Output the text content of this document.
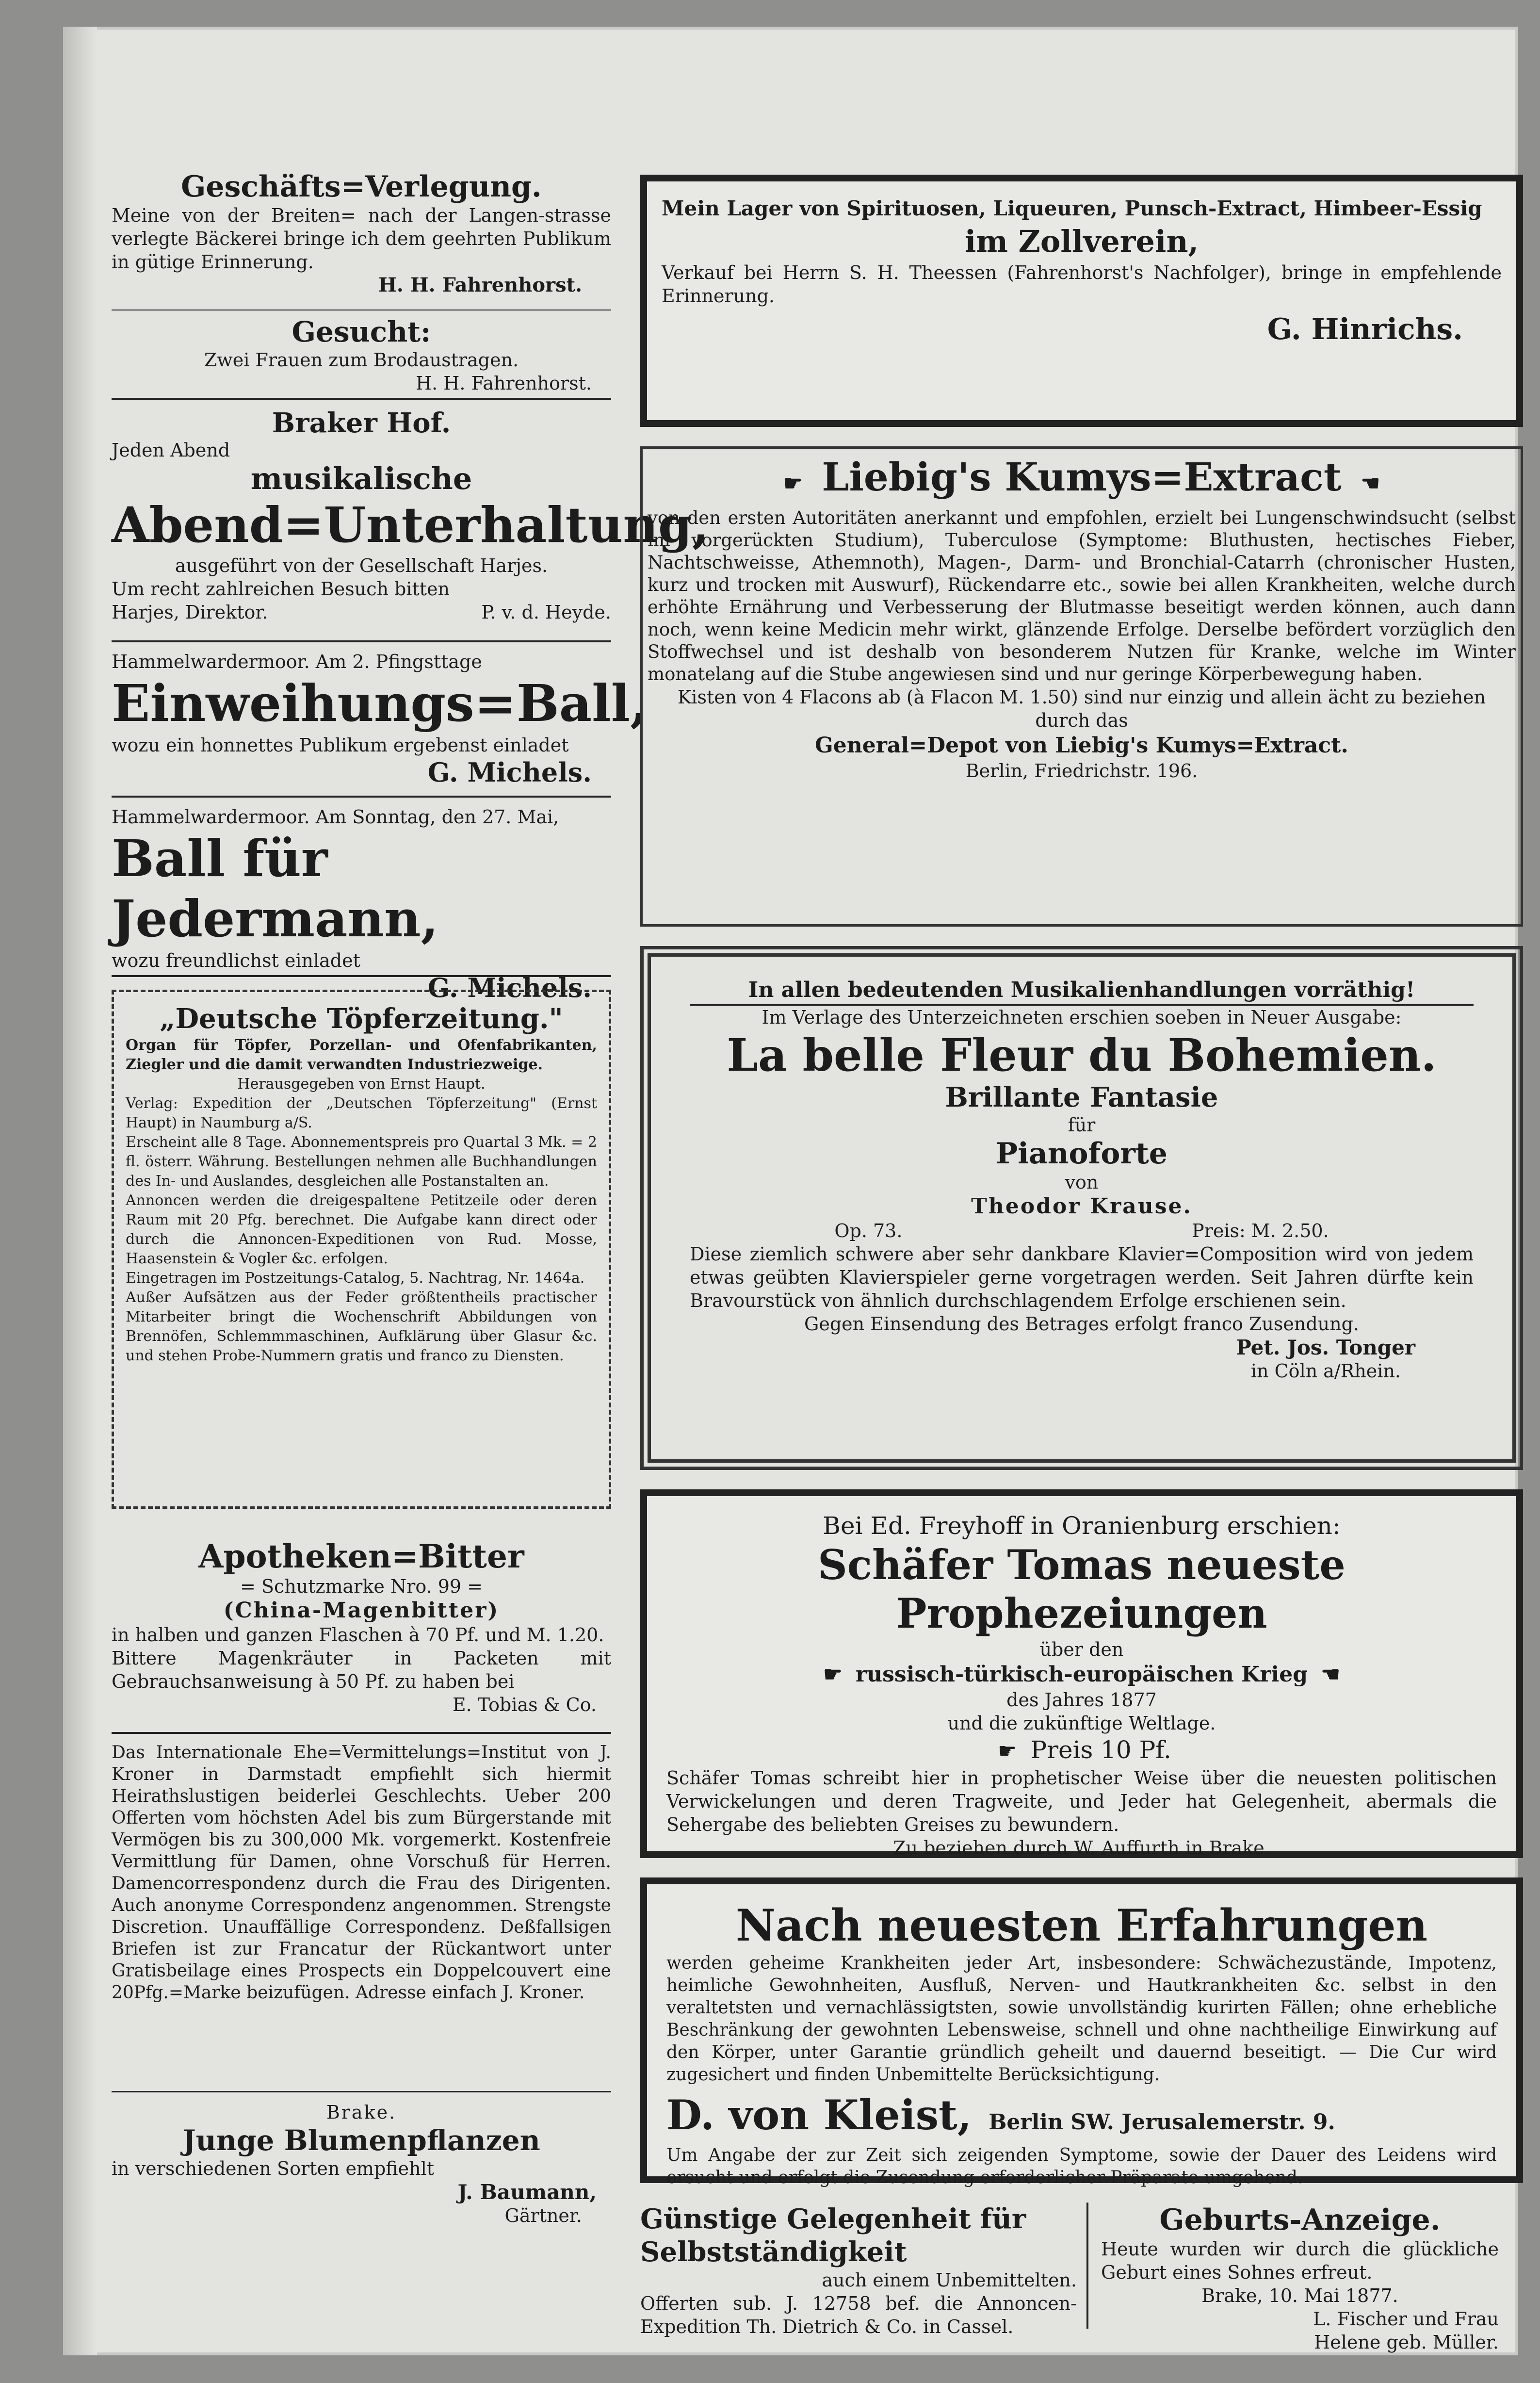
Geschäfts=Verlegung.

Meine von der Breiten= nach der Langen-strasse verlegte Bäckerei bringe ich dem geehrten Publikum in gütige Erinnerung.

H. H. Fahrenhorst.

Gesucht:

Zwei Frauen zum Brodaustragen.

H. H. Fahrenhorst.

Braker Hof.

Jeden Abend

musikalische

Abend=Unterhaltung,

ausgeführt von der Gesellschaft Harjes.

Um recht zahlreichen Besuch bitten

Harjes, Direktor.	P. v. d. Heyde.

Hammelwardermoor. Am 2. Pfingsttage

Einweihungs=Ball,

wozu ein honnettes Publikum ergebenst einladet

G. Michels.

Hammelwardermoor. Am Sonntag, den 27. Mai,

Ball für Jedermann,

wozu freundlichst einladet

G. Michels.

„Deutsche Töpferzeitung."

Organ für Töpfer, Porzellan- und Ofenfabrikanten, Ziegler und die damit verwandten Industriezweige.

Herausgegeben von Ernst Haupt.

Verlag: Expedition der „Deutschen Töpferzeitung" (Ernst Haupt) in Naumburg a/S.

Erscheint alle 8 Tage. Abonnementspreis pro Quartal 3 Mk. = 2 fl. österr. Währung. Bestellungen nehmen alle Buchhandlungen des In- und Auslandes, desgleichen alle Postanstalten an.

Annoncen werden die dreigespaltene Petitzeile oder deren Raum mit 20 Pfg. berechnet. Die Aufgabe kann direct oder durch die Annoncen-Expeditionen von Rud. Mosse, Haasenstein & Vogler &c. erfolgen.

Eingetragen im Postzeitungs-Catalog, 5. Nachtrag, Nr. 1464a.

Außer Aufsätzen aus der Feder größtentheils practischer Mitarbeiter bringt die Wochenschrift Abbildungen von Brennöfen, Schlemmmaschinen, Aufklärung über Glasur &c. und stehen Probe-Nummern gratis und franco zu Diensten.

Apotheken=Bitter

= Schutzmarke Nro. 99 =

(China-Magenbitter)

in halben und ganzen Flaschen à 70 Pf. und M. 1.20.

Bittere Magenkräuter in Packeten mit Gebrauchsanweisung à 50 Pf. zu haben bei

E. Tobias & Co.

Das Internationale Ehe=Vermittelungs=Institut von J. Kroner in Darmstadt empfiehlt sich hiermit Heirathslustigen beiderlei Geschlechts. Ueber 200 Offerten vom höchsten Adel bis zum Bürgerstande mit Vermögen bis zu 300,000 Mk. vorgemerkt. Kostenfreie Vermittlung für Damen, ohne Vorschuß für Herren. Damencorrespondenz durch die Frau des Dirigenten. Auch anonyme Correspondenz angenommen. Strengste Discretion. Unauffällige Correspondenz. Deßfallsigen Briefen ist zur Francatur der Rückantwort unter Gratisbeilage eines Prospects ein Doppelcouvert eine 20Pfg.=Marke beizufügen. Adresse einfach J. Kroner.

Brake.

Junge Blumenpflanzen

in verschiedenen Sorten empfiehlt

J. Baumann,

Gärtner.

Mein Lager von Spirituosen, Liqueuren, Punsch-Extract, Himbeer-Essig

im Zollverein,

Verkauf bei Herrn S. H. Theessen (Fahrenhorst's Nachfolger), bringe in empfehlende Erinnerung.

G. Hinrichs.

☛ Liebig's Kumys=Extract ☚

von den ersten Autoritäten anerkannt und empfohlen, erzielt bei Lungenschwindsucht (selbst im vorgerückten Studium), Tuberculose (Symptome: Bluthusten, hectisches Fieber, Nachtschweisse, Athemnoth), Magen-, Darm- und Bronchial-Catarrh (chronischer Husten, kurz und trocken mit Auswurf), Rückendarre etc., sowie bei allen Krankheiten, welche durch erhöhte Ernährung und Verbesserung der Blutmasse beseitigt werden können, auch dann noch, wenn keine Medicin mehr wirkt, glänzende Erfolge. Derselbe befördert vorzüglich den Stoffwechsel und ist deshalb von besonderem Nutzen für Kranke, welche im Winter monatelang auf die Stube angewiesen sind und nur geringe Körperbewegung haben.

Kisten von 4 Flacons ab (à Flacon M. 1.50) sind nur einzig und allein ächt zu beziehen durch das

General=Depot von Liebig's Kumys=Extract.

Berlin, Friedrichstr. 196.

In allen bedeutenden Musikalienhandlungen vorräthig!

Im Verlage des Unterzeichneten erschien soeben in Neuer Ausgabe:

La belle Fleur du Bohemien.

Brillante Fantasie

für

Pianoforte

von

Theodor Krause.

Op. 73.	Preis: M. 2.50.

Diese ziemlich schwere aber sehr dankbare Klavier=Composition wird von jedem etwas geübten Klavierspieler gerne vorgetragen werden. Seit Jahren dürfte kein Bravourstück von ähnlich durchschlagendem Erfolge erschienen sein.

Gegen Einsendung des Betrages erfolgt franco Zusendung.

Pet. Jos. Tonger

in Cöln a/Rhein.

Bei Ed. Freyhoff in Oranienburg erschien:

Schäfer Tomas neueste Prophezeiungen

über den

☛ russisch-türkisch-europäischen Krieg ☚

des Jahres 1877

und die zukünftige Weltlage.

☛ Preis 10 Pf.

Schäfer Tomas schreibt hier in prophetischer Weise über die neuesten politischen Verwickelungen und deren Tragweite, und Jeder hat Gelegenheit, abermals die Sehergabe des beliebten Greises zu bewundern.

Zu beziehen durch W. Auffurth in Brake.

Nach neuesten Erfahrungen

werden geheime Krankheiten jeder Art, insbesondere: Schwächezustände, Impotenz, heimliche Gewohnheiten, Ausfluß, Nerven- und Hautkrankheiten &c. selbst in den veraltetsten und vernachlässigtsten, sowie unvollständig kurirten Fällen; ohne erhebliche Beschränkung der gewohnten Lebensweise, schnell und ohne nachtheilige Einwirkung auf den Körper, unter Garantie gründlich geheilt und dauernd beseitigt. — Die Cur wird zugesichert und finden Unbemittelte Berücksichtigung.

D. von Kleist, Berlin SW. Jerusalemerstr. 9.

Um Angabe der zur Zeit sich zeigenden Symptome, sowie der Dauer des Leidens wird ersucht und erfolgt die Zusendung erforderlicher Präparate umgehend.

Günstige Gelegenheit für Selbstständigkeit

auch einem Unbemittelten.

Offerten sub. J. 12758 bef. die Annoncen-Expedition Th. Dietrich & Co. in Cassel.

Geburts-Anzeige.

Heute wurden wir durch die glückliche Geburt eines Sohnes erfreut.

Brake, 10. Mai 1877.

L. Fischer und Frau

Helene geb. Müller.
